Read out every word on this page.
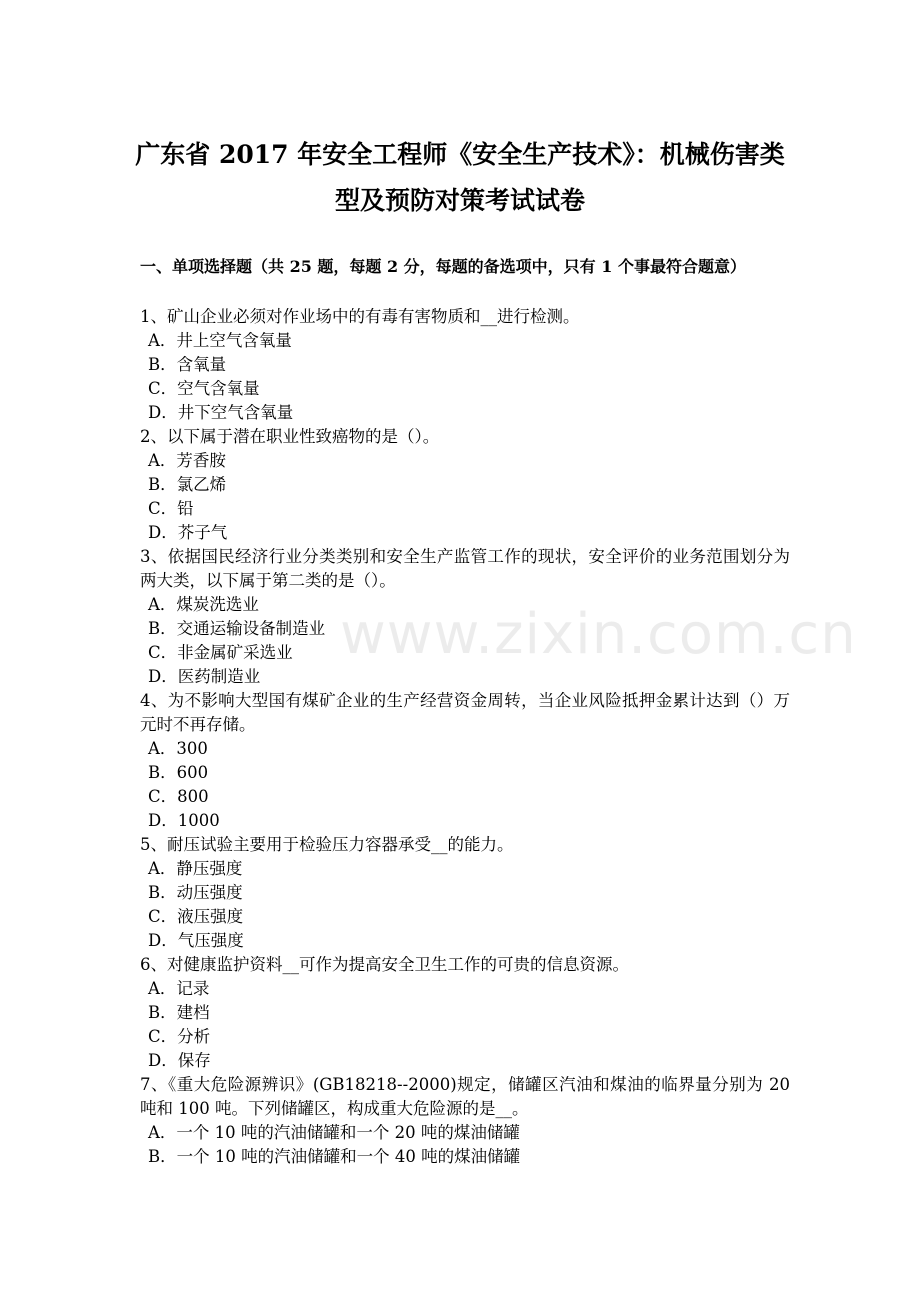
广东省 2017 年安全工程师《安全生产技术》：机械伤害类
型及预防对策考试试卷
一、单项选择题（共 25 题，每题 2 分，每题的备选项中，只有 1 个事最符合题意）
1、矿山企业必须对作业场中的有毒有害物质和__进行检测。
A．井上空气含氧量
B．含氧量
C．空气含氧量
D．井下空气含氧量
2、以下属于潜在职业性致癌物的是（）。
A．芳香胺
B．氯乙烯
C．铅
D．芥子气
3、依据国民经济行业分类类别和安全生产监管工作的现状，安全评价的业务范围划分为两大类，以下属于第二类的是（）。
A．煤炭洗选业
B．交通运输设备制造业
C．非金属矿采选业
D．医药制造业
4、为不影响大型国有煤矿企业的生产经营资金周转，当企业风险抵押金累计达到（）万元时不再存储。
A．300
B．600
C．800
D．1000
5、耐压试验主要用于检验压力容器承受__的能力。
A．静压强度
B．动压强度
C．液压强度
D．气压强度
6、对健康监护资料__可作为提高安全卫生工作的可贵的信息资源。
A．记录
B．建档
C．分析
D．保存
7、《重大危险源辨识》(GB18218--2000)规定，储罐区汽油和煤油的临界量分别为 20 吨和 100 吨。下列储罐区，构成重大危险源的是__。
A．一个 10 吨的汽油储罐和一个 20 吨的煤油储罐
B．一个 10 吨的汽油储罐和一个 40 吨的煤油储罐
www.zixin.com.cn
